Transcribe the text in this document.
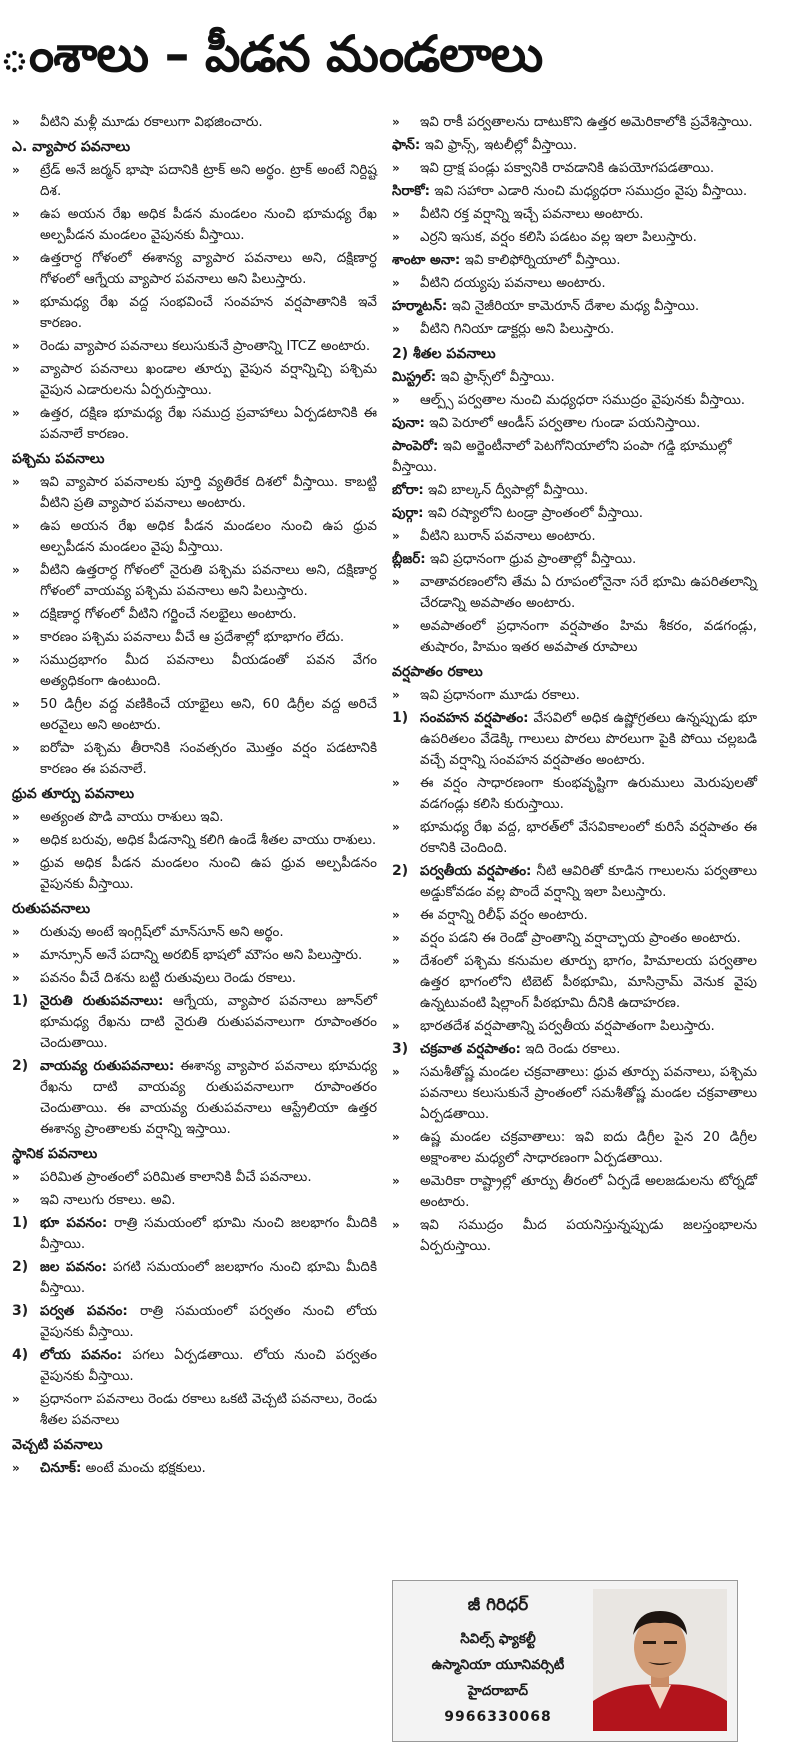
ంశాలు – పీడన మండలాలు
»	వీటిని మళ్లీ మూడు రకాలుగా విభజించారు.
ఎ. వ్యాపార పవనాలు
»	ట్రేడ్ అనే జర్మన్ భాషా పదానికి ట్రాక్ అని అర్థం. ట్రాక్ అంటే నిర్దిష్ట దిశ.
»	ఉప అయన రేఖ అధిక పీడన మండలం నుంచి భూమధ్య రేఖ అల్పపీడన మండలం వైపునకు వీస్తాయి.
»	ఉత్తరార్ధ గోళంలో ఈశాన్య వ్యాపార పవనాలు అని, దక్షిణార్ధ గోళంలో ఆగ్నేయ వ్యాపార పవనాలు అని పిలుస్తారు.
»	భూమధ్య రేఖ వద్ద సంభవించే సంవహన వర్షపాతానికి ఇవే కారణం.
»	రెండు వ్యాపార పవనాలు కలుసుకునే ప్రాంతాన్ని ITCZ అంటారు.
»	వ్యాపార పవనాలు ఖండాల తూర్పు వైపున వర్షాన్నిచ్చి పశ్చిమ వైపున ఎడారులను ఏర్పరుస్తాయి.
»	ఉత్తర, దక్షిణ భూమధ్య రేఖ సముద్ర ప్రవాహాలు ఏర్పడటానికి ఈ పవనాలే కారణం.
పశ్చిమ పవనాలు
»	ఇవి వ్యాపార పవనాలకు పూర్తి వ్యతిరేక దిశలో వీస్తాయి. కాబట్టి వీటిని ప్రతి వ్యాపార పవనాలు అంటారు.
»	ఉప అయన రేఖ అధిక పీడన మండలం నుంచి ఉప ధ్రువ అల్పపీడన మండలం వైపు వీస్తాయి.
»	వీటిని ఉత్తరార్ధ గోళంలో నైరుతి పశ్చిమ పవనాలు అని, దక్షిణార్ధ గోళంలో వాయవ్య పశ్చిమ పవనాలు అని పిలుస్తారు.
»	దక్షిణార్ధ గోళంలో వీటిని గర్జించే నలభైలు అంటారు.
»	కారణం పశ్చిమ పవనాలు వీచే ఆ ప్రదేశాల్లో భూభాగం లేదు.
»	సముద్రభాగం మీద పవనాలు వీయడంతో పవన వేగం అత్యధికంగా ఉంటుంది.
»	50 డిగ్రీల వద్ద వణికించే యాభైలు అని, 60 డిగ్రీల వద్ద అరిచే అరవైలు అని అంటారు.
»	ఐరోపా పశ్చిమ తీరానికి సంవత్సరం మొత్తం వర్షం పడటానికి కారణం ఈ పవనాలే.
ధ్రువ తూర్పు పవనాలు
»	అత్యంత పొడి వాయు రాశులు ఇవి.
»	అధిక బరువు, అధిక పీడనాన్ని కలిగి ఉండే శీతల వాయు రాశులు.
»	ధ్రువ అధిక పీడన మండలం నుంచి ఉప ధ్రువ అల్పపీడనం వైపునకు వీస్తాయి.
రుతుపవనాలు
»	రుతువు అంటే ఇంగ్లిష్‌లో మాన్‌సూన్ అని అర్థం.
»	మాన్సూన్ అనే పదాన్ని అరబిక్ భాషలో మౌసం అని పిలుస్తారు.
»	పవనం వీచే దిశను బట్టి రుతువులు రెండు రకాలు.
1) నైరుతి రుతుపవనాలు: ఆగ్నేయ, వ్యాపార పవనాలు జూన్‌లో భూమధ్య రేఖను దాటి నైరుతి రుతుపవనాలుగా రూపాంతరం చెందుతాయి.
2) వాయవ్య రుతుపవనాలు: ఈశాన్య వ్యాపార పవనాలు భూమధ్య రేఖను దాటి వాయవ్య రుతుపవనాలుగా రూపాంతరం చెందుతాయి. ఈ వాయవ్య రుతుపవనాలు ఆస్ట్రేలియా ఉత్తర ఈశాన్య ప్రాంతాలకు వర్షాన్ని ఇస్తాయి.
స్థానిక పవనాలు
»	పరిమిత ప్రాంతంలో పరిమిత కాలానికి వీచే పవనాలు.
»	ఇవి నాలుగు రకాలు. అవి.
1) భూ పవనం: రాత్రి సమయంలో భూమి నుంచి జలభాగం మీదికి వీస్తాయి.
2) జల పవనం: పగటి సమయంలో జలభాగం నుంచి భూమి మీదికి వీస్తాయి.
3) పర్వత పవనం: రాత్రి సమయంలో పర్వతం నుంచి లోయ వైపునకు వీస్తాయి.
4) లోయ పవనం: పగలు ఏర్పడతాయి. లోయ నుంచి పర్వతం వైపునకు వీస్తాయి.
»	ప్రధానంగా పవనాలు రెండు రకాలు ఒకటి వెచ్చటి పవనాలు, రెండు శీతల పవనాలు
వెచ్చటి పవనాలు
»	చినూక్: అంటే మంచు భక్షకులు.
»	ఇవి రాకీ పర్వతాలను దాటుకొని ఉత్తర అమెరికాలోకి ప్రవేశిస్తాయి.
ఫాన్: ఇవి ఫ్రాన్స్, ఇటలీల్లో వీస్తాయి.
»	ఇవి ద్రాక్ష పండ్లు పక్వానికి రావడానికి ఉపయోగపడతాయి.
సిరాకో: ఇవి సహారా ఎడారి నుంచి మధ్యధరా సముద్రం వైపు వీస్తాయి.
»	వీటిని రక్త వర్షాన్ని ఇచ్చే పవనాలు అంటారు.
»	ఎర్రని ఇసుక, వర్షం కలిసి పడటం వల్ల ఇలా పిలుస్తారు.
శాంటా అనా: ఇవి కాలిఫోర్నియాలో వీస్తాయి.
»	వీటిని దయ్యపు పవనాలు అంటారు.
హర్మాటన్: ఇవి నైజీరియా కామెరూన్ దేశాల మధ్య వీస్తాయి.
»	వీటిని గినియా డాక్టర్లు అని పిలుస్తారు.
2) శీతల పవనాలు
మిస్ట్రల్: ఇవి ఫ్రాన్స్‌లో వీస్తాయి.
»	ఆల్ప్స్ పర్వతాల నుంచి మధ్యధరా సముద్రం వైపునకు వీస్తాయి.
పునా: ఇవి పెరూలో ఆండీస్ పర్వతాల గుండా పయనిస్తాయి.
పాంపెరో: ఇవి అర్జెంటీనాలో పెటగోనియాలోని పంపా గడ్డి భూముల్లో వీస్తాయి.
బోరా: ఇవి బాల్కన్ ద్వీపాల్లో వీస్తాయి.
పుర్గా: ఇవి రష్యాలోని టండ్రా ప్రాంతంలో వీస్తాయి.
»	వీటిని బురాన్ పవనాలు అంటారు.
బ్లీజర్: ఇవి ప్రధానంగా ధ్రువ ప్రాంతాల్లో వీస్తాయి.
»	వాతావరణంలోని తేమ ఏ రూపంలోనైనా సరే భూమి ఉపరితలాన్ని చేరడాన్ని అవపాతం అంటారు.
»	అవపాతంలో ప్రధానంగా వర్షపాతం హిమ శీకరం, వడగండ్లు, తుషారం, హిమం ఇతర అవపాత రూపాలు
వర్షపాతం రకాలు
»	ఇవి ప్రధానంగా మూడు రకాలు.
1) సంవహన వర్షపాతం: వేసవిలో అధిక ఉష్ణోగ్రతలు ఉన్నప్పుడు భూ ఉపరితలం వేడెక్కి గాలులు పొరలు పొరలుగా పైకి పోయి చల్లబడి వచ్చే వర్షాన్ని సంవహన వర్షపాతం అంటారు.
»	ఈ వర్షం సాధారణంగా కుంభవృష్టిగా ఉరుములు మెరుపులతో వడగండ్లు కలిసి కురుస్తాయి.
»	భూమధ్య రేఖ వద్ద, భారత్‌లో వేసవికాలంలో కురిసే వర్షపాతం ఈ రకానికి చెందింది.
2) పర్వతీయ వర్షపాతం: నీటి ఆవిరితో కూడిన గాలులను పర్వతాలు అడ్డుకోవడం వల్ల పొందే వర్షాన్ని ఇలా పిలుస్తారు.
»	ఈ వర్షాన్ని రిలీఫ్ వర్షం అంటారు.
»	వర్షం పడని ఈ రెండో ప్రాంతాన్ని వర్షాచ్ఛాయ ప్రాంతం అంటారు.
»	దేశంలో పశ్చిమ కనుమల తూర్పు భాగం, హిమాలయ పర్వతాల ఉత్తర భాగంలోని టిబెట్ పీఠభూమి, మాసిన్రామ్ వెనుక వైపు ఉన్నటువంటి షిల్లాంగ్ పీఠభూమి దీనికి ఉదాహరణ.
»	భారతదేశ వర్షపాతాన్ని పర్వతీయ వర్షపాతంగా పిలుస్తారు.
3) చక్రవాత వర్షపాతం: ఇది రెండు రకాలు.
»	సమశీతోష్ణ మండల చక్రవాతాలు: ధ్రువ తూర్పు పవనాలు, పశ్చిమ పవనాలు కలుసుకునే ప్రాంతంలో సమశీతోష్ణ మండల చక్రవాతాలు ఏర్పడతాయి.
»	ఉష్ణ మండల చక్రవాతాలు: ఇవి ఐదు డిగ్రీల పైన 20 డిగ్రీల అక్షాంశాల మధ్యలో సాధారణంగా ఏర్పడతాయి.
»	అమెరికా రాష్ట్రాల్లో తూర్పు తీరంలో ఏర్పడే అలజడులను టోర్నడో అంటారు.
»	ఇవి సముద్రం మీద పయనిస్తున్నప్పుడు జలస్తంభాలను ఏర్పరుస్తాయి.
జీ గిరిధర్
సివిల్స్ ఫ్యాకల్టీ
ఉస్మానియా యూనివర్సిటీ
హైదరాబాద్
9966330068
